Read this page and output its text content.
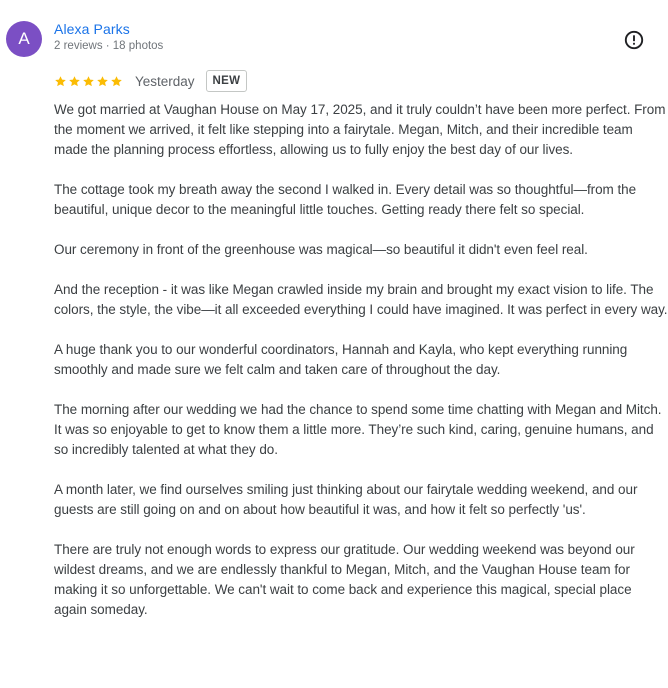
A	Alexa Parks
2 reviews · 18 photos
Yesterday	NEW

We got married at Vaughan House on May 17, 2025, and it truly couldn’t have been more perfect. From the moment we arrived, it felt like stepping into a fairytale. Megan, Mitch, and their incredible team made the planning process effortless, allowing us to fully enjoy the best day of our lives.

The cottage took my breath away the second I walked in. Every detail was so thoughtful—from the beautiful, unique decor to the meaningful little touches. Getting ready there felt so special.

Our ceremony in front of the greenhouse was magical—so beautiful it didn't even feel real.

And the reception - it was like Megan crawled inside my brain and brought my exact vision to life. The colors, the style, the vibe—it all exceeded everything I could have imagined. It was perfect in every way.

A huge thank you to our wonderful coordinators, Hannah and Kayla, who kept everything running smoothly and made sure we felt calm and taken care of throughout the day.

The morning after our wedding we had the chance to spend some time chatting with Megan and Mitch. It was so enjoyable to get to know them a little more. They’re such kind, caring, genuine humans, and so incredibly talented at what they do.

A month later, we find ourselves smiling just thinking about our fairytale wedding weekend, and our guests are still going on and on about how beautiful it was, and how it felt so perfectly 'us'.

There are truly not enough words to express our gratitude. Our wedding weekend was beyond our wildest dreams, and we are endlessly thankful to Megan, Mitch, and the Vaughan House team for making it so unforgettable. We can't wait to come back and experience this magical, special place again someday.
